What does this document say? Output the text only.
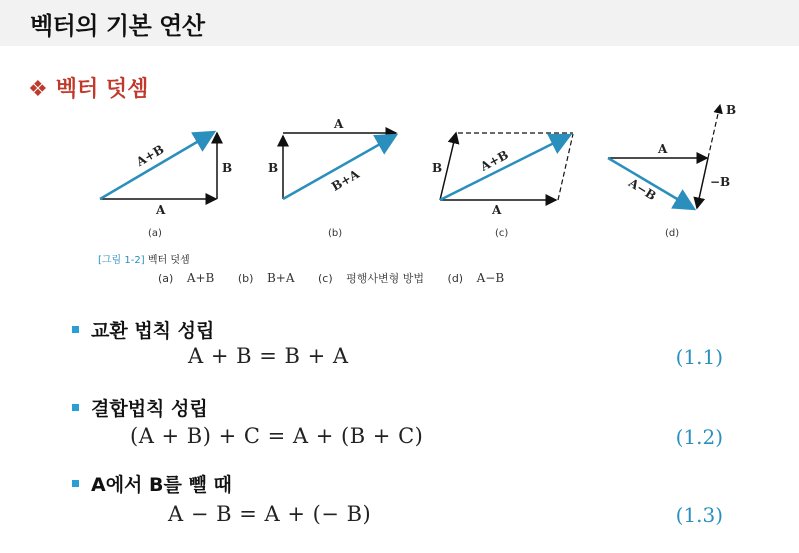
벡터의 기본 연산
❖ 벡터 덧셈
A+B	B
A
(a)
A
B	B+A
(b)
A+B
B
A
(c)
B
A
−B
A−B
(d)
[그림 1-2] 벡터 덧셈
(a) A+B (b) B+A (c) 평행사변형 방법 (d) A−B
교환 법칙 성립
A + B = B + A	(1.1)
결합법칙 성립
(A + B) + C = A + (B + C)	(1.2)
A에서 B를 뺄 때
A − B = A + (− B)	(1.3)
